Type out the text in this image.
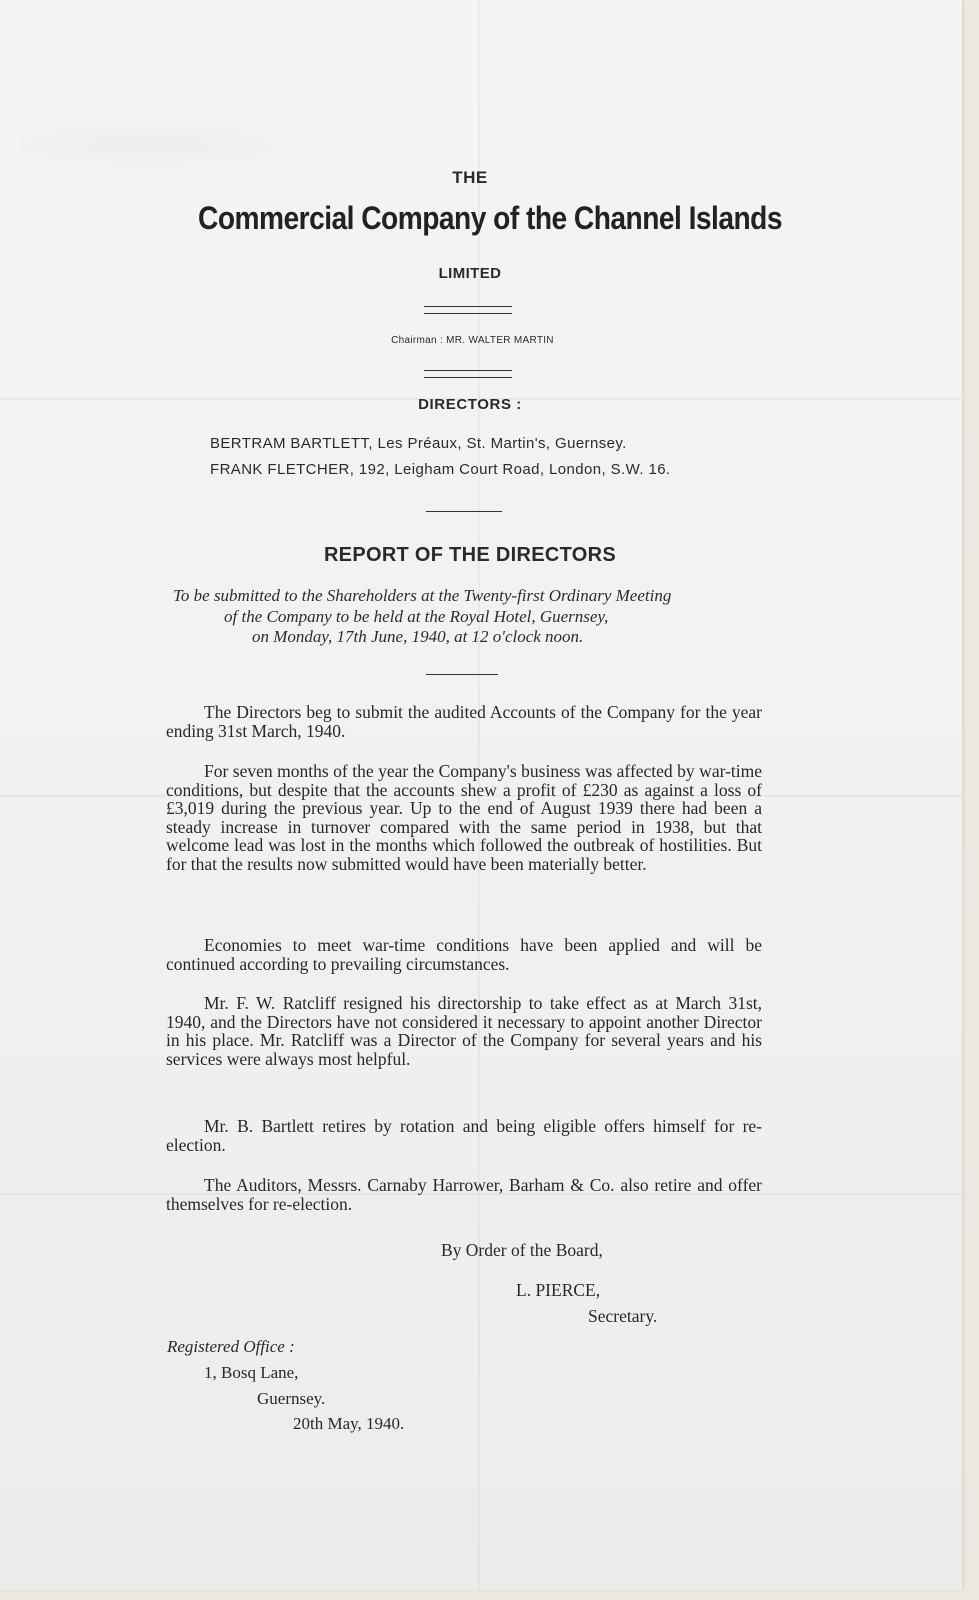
THE
Commercial Company of the Channel Islands
LIMITED
Chairman : MR. WALTER MARTIN
DIRECTORS :
BERTRAM BARTLETT, Les Préaux, St. Martin's, Guernsey.
FRANK FLETCHER, 192, Leigham Court Road, London, S.W. 16.
REPORT OF THE DIRECTORS
To be submitted to the Shareholders at the Twenty-first Ordinary Meeting
of the Company to be held at the Royal Hotel, Guernsey,
on Monday, 17th June, 1940, at 12 o'clock noon.
The Directors beg to submit the audited Accounts of the Company for the year ending 31st March, 1940.
For seven months of the year the Company's business was affected by war-time conditions, but despite that the accounts shew a profit of £230 as against a loss of £3,019 during the previous year. Up to the end of August 1939 there had been a steady increase in turnover compared with the same period in 1938, but that welcome lead was lost in the months which followed the outbreak of hostilities. But for that the results now submitted would have been materially better.
Economies to meet war-time conditions have been applied and will be continued according to prevailing circumstances.
Mr. F. W. Ratcliff resigned his directorship to take effect as at March 31st, 1940, and the Directors have not considered it necessary to appoint another Director in his place. Mr. Ratcliff was a Director of the Company for several years and his services were always most helpful.
Mr. B. Bartlett retires by rotation and being eligible offers himself for re-election.
The Auditors, Messrs. Carnaby Harrower, Barham & Co. also retire and offer themselves for re-election.
By Order of the Board,
L. PIERCE,
Secretary.
Registered Office :
1, Bosq Lane,
Guernsey.
20th May, 1940.
